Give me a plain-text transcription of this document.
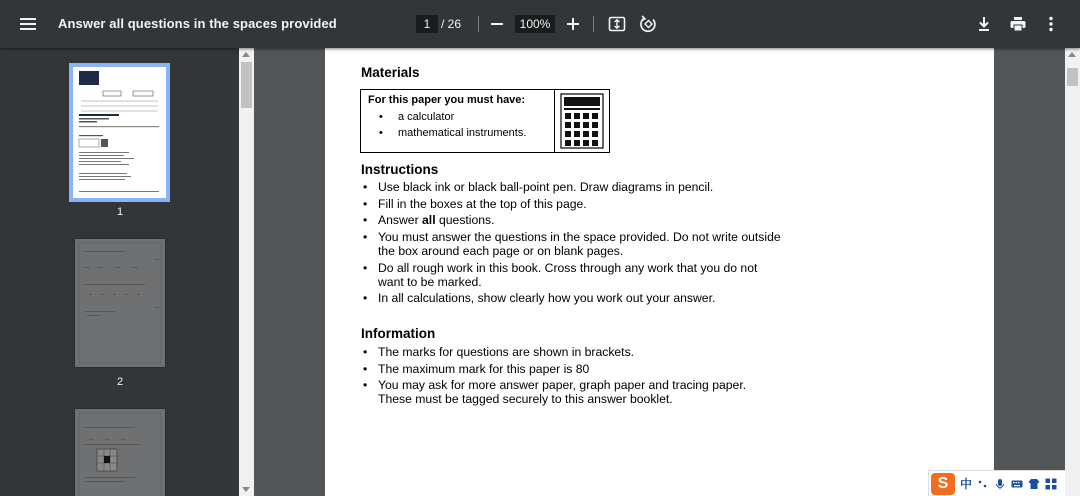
Answer all questions in the spaces provided
1	/ 26
100%
1
2
Materials
For this paper you must have:
• a calculator
• mathematical instruments.
Instructions
• Use black ink or black ball-point pen. Draw diagrams in pencil.
• Fill in the boxes at the top of this page.
• Answer all questions.
• You must answer the questions in the space provided. Do not write outside the box around each page or on blank pages.
• Do all rough work in this book. Cross through any work that you do not want to be marked.
• In all calculations, show clearly how you work out your answer.
Information
• The marks for questions are shown in brackets.
• The maximum mark for this paper is 80
• You may ask for more answer paper, graph paper and tracing paper. These must be tagged securely to this answer booklet.
S 中
